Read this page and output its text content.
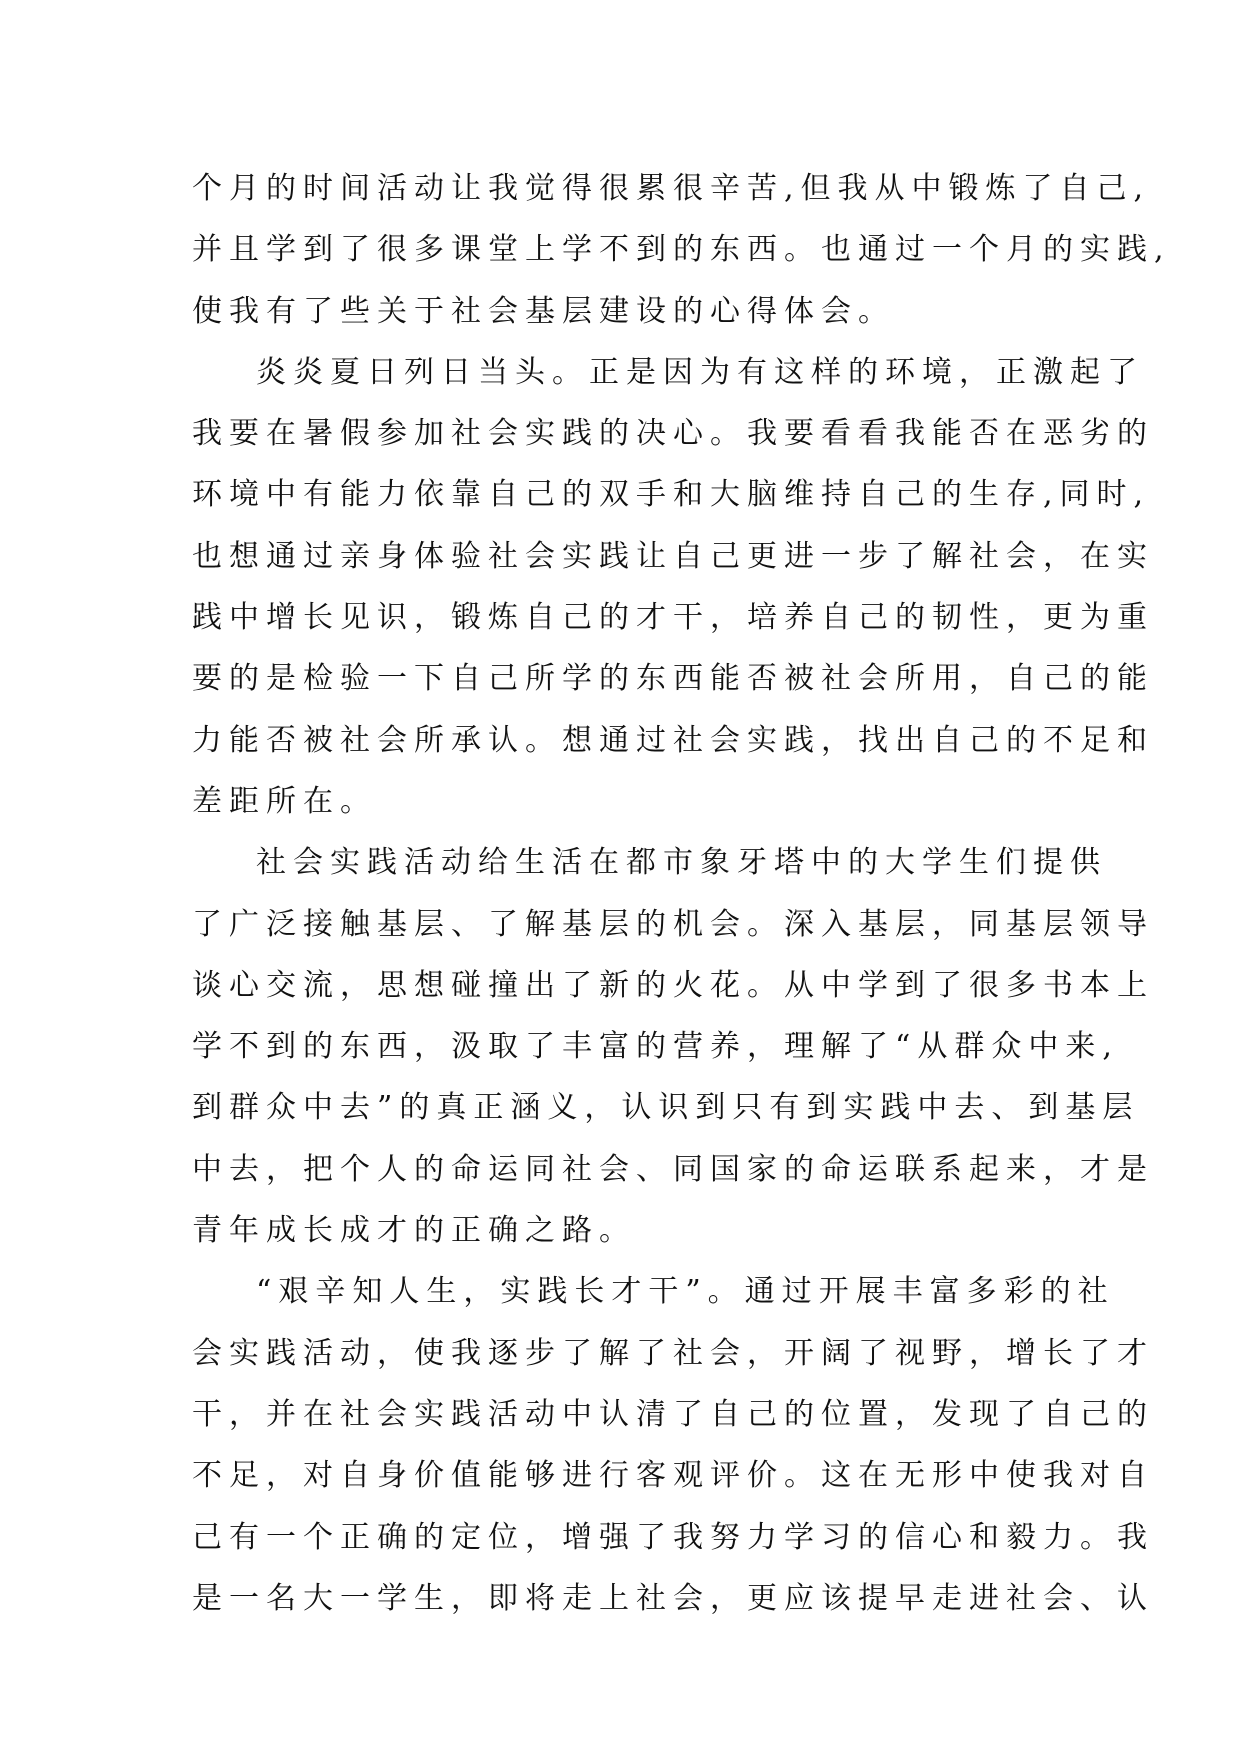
个月的时间活动让我觉得很累很辛苦,但我从中锻炼了自己,
并且学到了很多课堂上学不到的东西。也通过一个月的实践,
使我有了些关于社会基层建设的心得体会。
炎炎夏日列日当头。正是因为有这样的环境，正激起了
我要在暑假参加社会实践的决心。我要看看我能否在恶劣的
环境中有能力依靠自己的双手和大脑维持自己的生存,同时,
也想通过亲身体验社会实践让自己更进一步了解社会，在实
践中增长见识，锻炼自己的才干，培养自己的韧性，更为重
要的是检验一下自己所学的东西能否被社会所用，自己的能
力能否被社会所承认。想通过社会实践，找出自己的不足和
差距所在。
社会实践活动给生活在都市象牙塔中的大学生们提供
了广泛接触基层、了解基层的机会。深入基层，同基层领导
谈心交流，思想碰撞出了新的火花。从中学到了很多书本上
学不到的东西，汲取了丰富的营养，理解了“从群众中来,
到群众中去”的真正涵义，认识到只有到实践中去、到基层
中去，把个人的命运同社会、同国家的命运联系起来，才是
青年成长成才的正确之路。
“艰辛知人生，实践长才干”。通过开展丰富多彩的社
会实践活动，使我逐步了解了社会，开阔了视野，增长了才
干，并在社会实践活动中认清了自己的位置，发现了自己的
不足，对自身价值能够进行客观评价。这在无形中使我对自
己有一个正确的定位，增强了我努力学习的信心和毅力。我
是一名大一学生，即将走上社会，更应该提早走进社会、认
